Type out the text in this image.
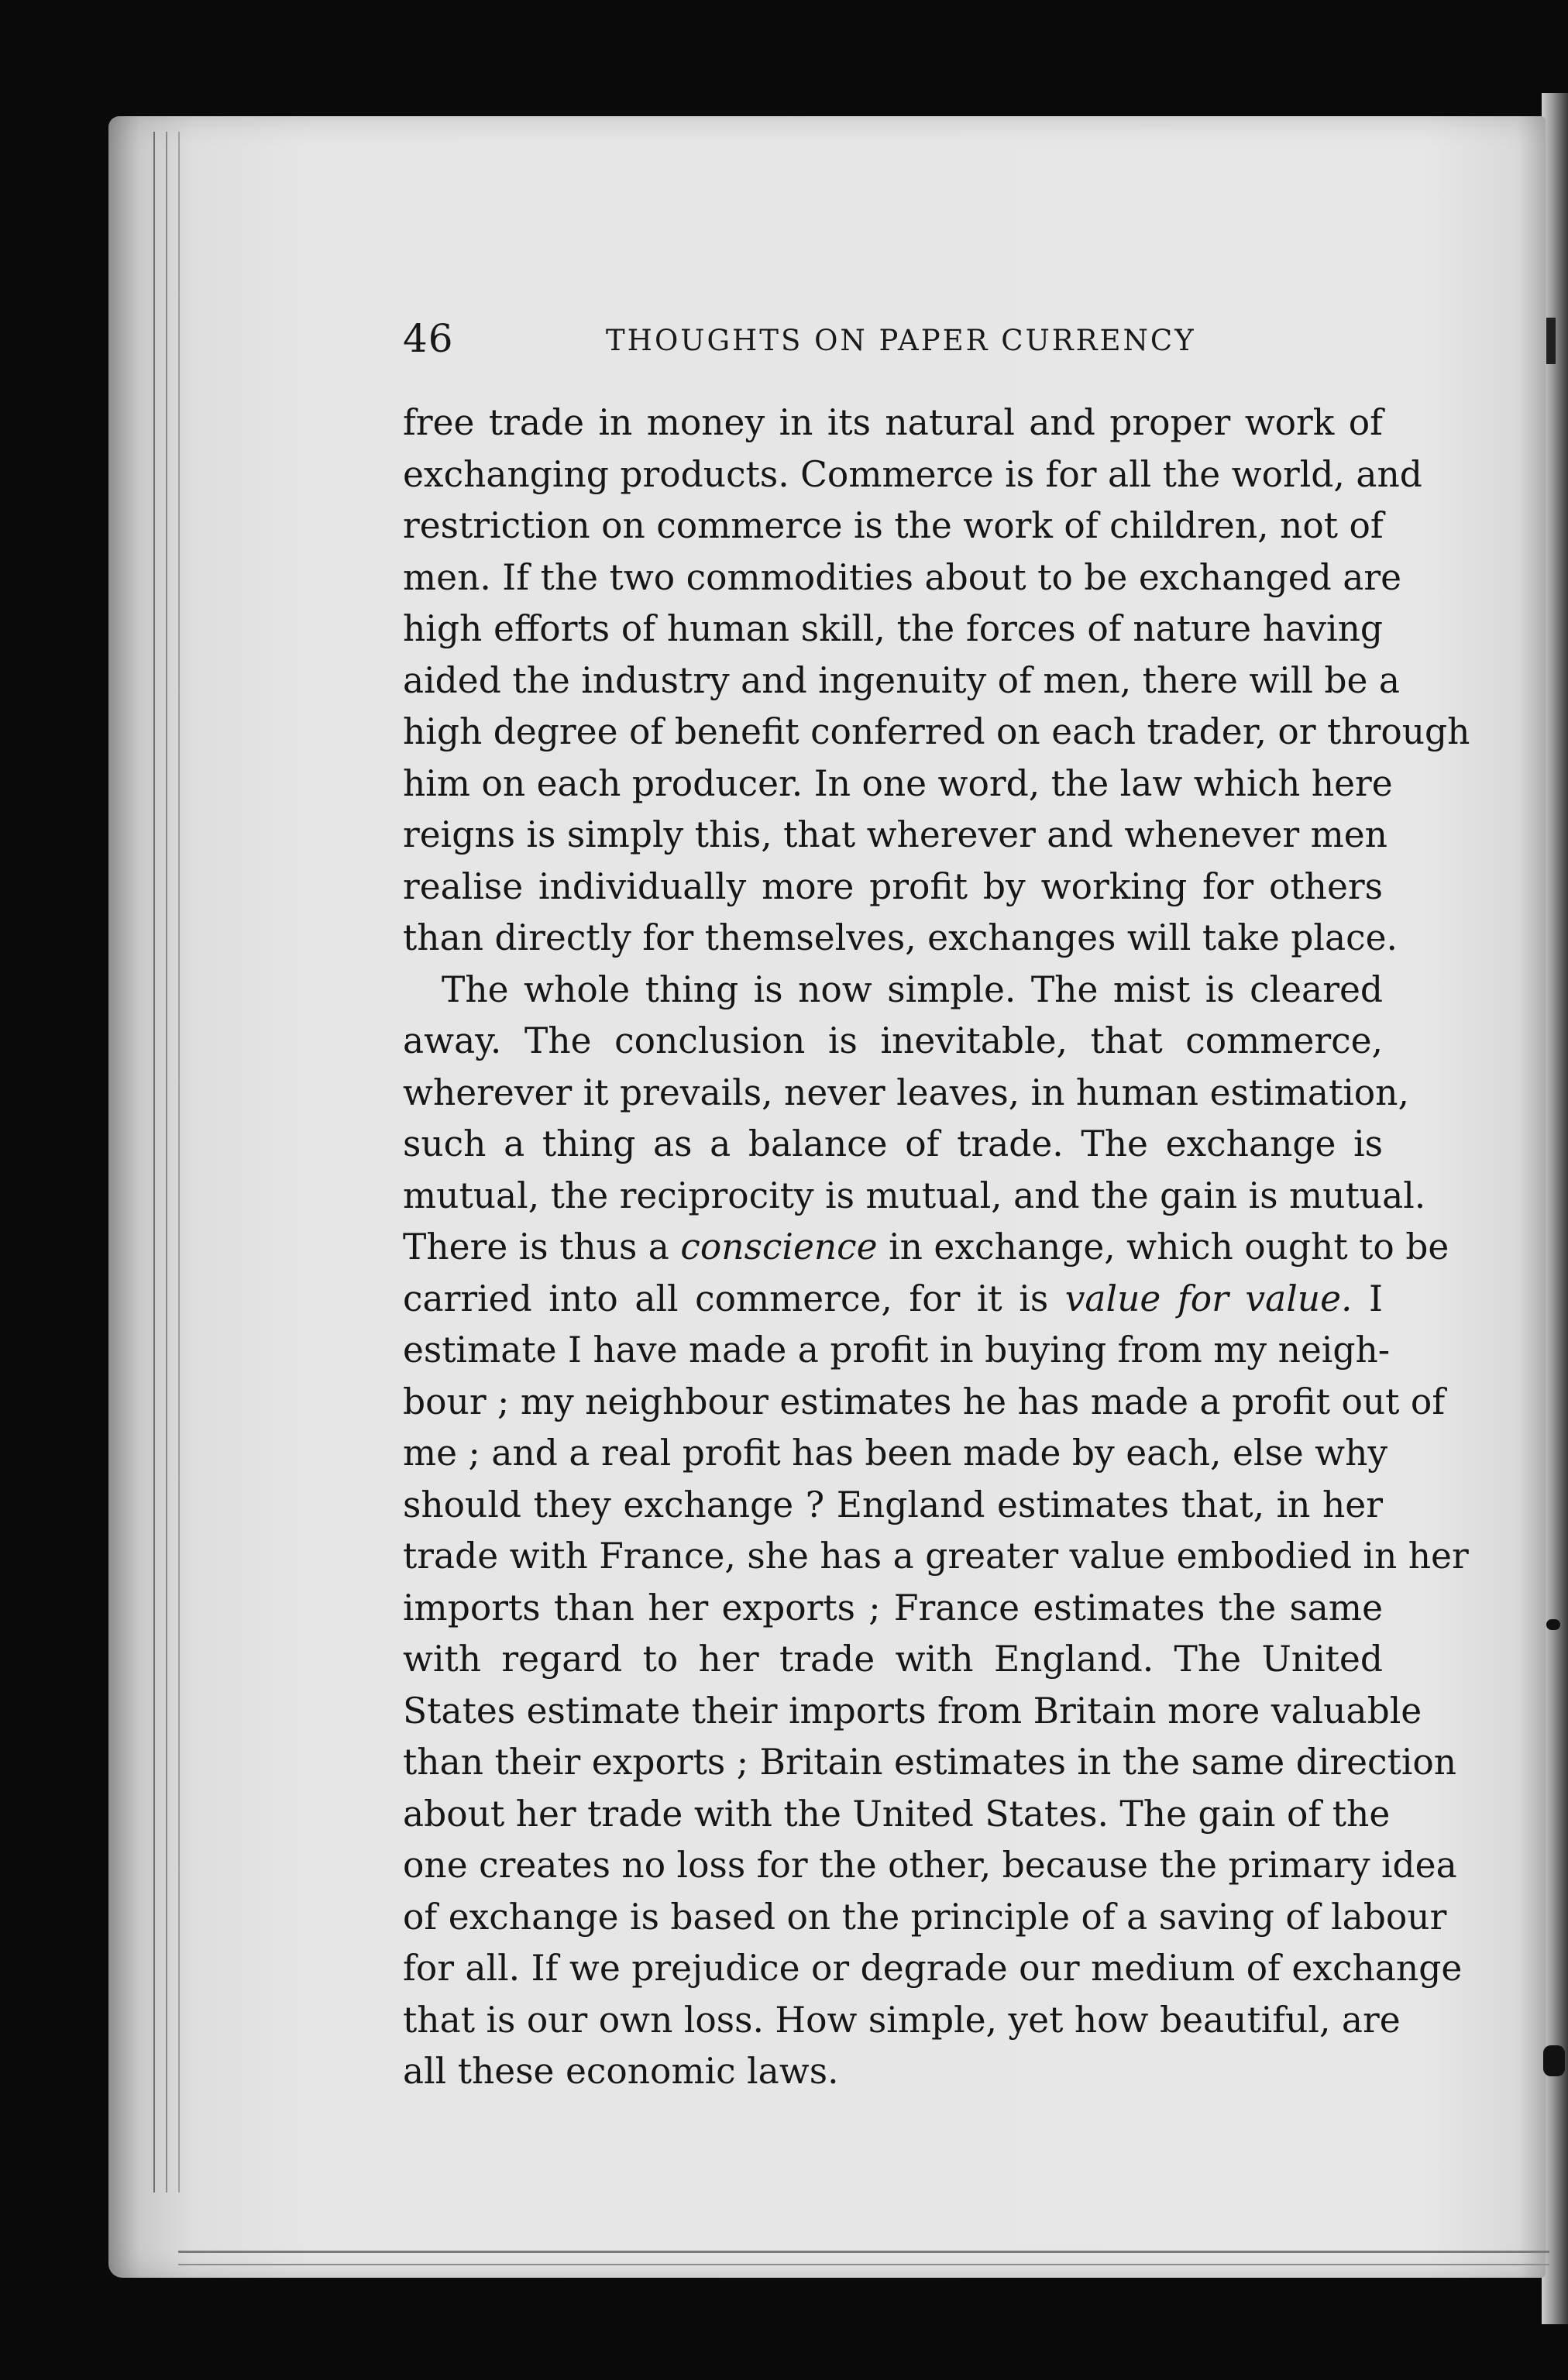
46	THOUGHTS ON PAPER CURRENCY
free trade in money in its natural and proper work of
exchanging products. Commerce is for all the world, and
restriction on commerce is the work of children, not of
men. If the two commodities about to be exchanged are
high efforts of human skill, the forces of nature having
aided the industry and ingenuity of men, there will be a
high degree of benefit conferred on each trader, or through
him on each producer. In one word, the law which here
reigns is simply this, that wherever and whenever men
realise individually more profit by working for others
than directly for themselves, exchanges will take place.
The whole thing is now simple. The mist is cleared
away. The conclusion is inevitable, that commerce,
wherever it prevails, never leaves, in human estimation,
such a thing as a balance of trade. The exchange is
mutual, the reciprocity is mutual, and the gain is mutual.
There is thus a conscience in exchange, which ought to be
carried into all commerce, for it is value for value. I
estimate I have made a profit in buying from my neigh-
bour ; my neighbour estimates he has made a profit out of
me ; and a real profit has been made by each, else why
should they exchange ? England estimates that, in her
trade with France, she has a greater value embodied in her
imports than her exports ; France estimates the same
with regard to her trade with England. The United
States estimate their imports from Britain more valuable
than their exports ; Britain estimates in the same direction
about her trade with the United States. The gain of the
one creates no loss for the other, because the primary idea
of exchange is based on the principle of a saving of labour
for all. If we prejudice or degrade our medium of exchange
that is our own loss. How simple, yet how beautiful, are
all these economic laws.
